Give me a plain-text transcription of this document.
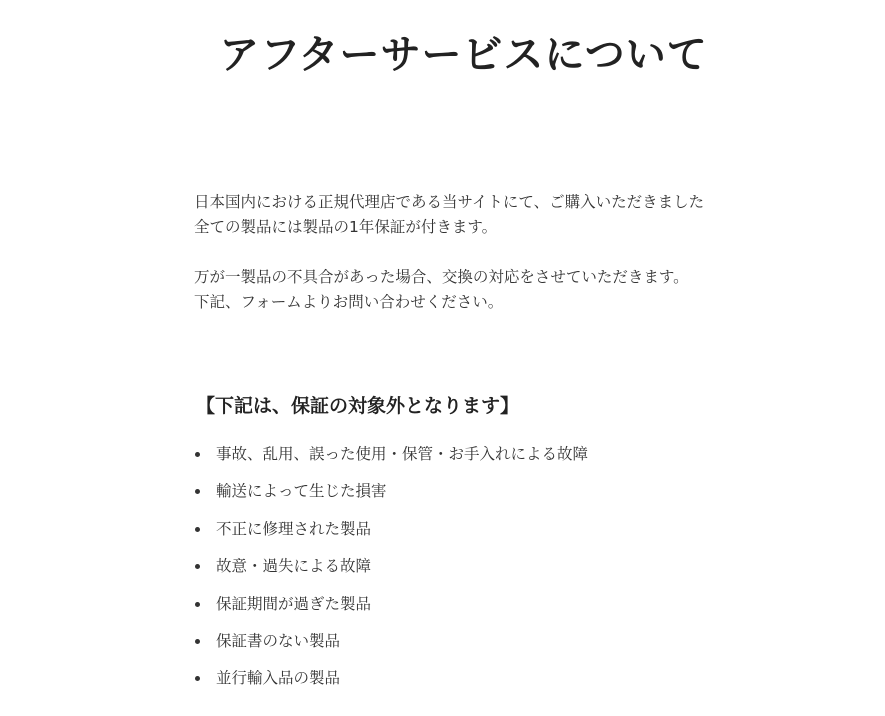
アフターサービスについて

日本国内における正規代理店である当サイトにて、ご購入いただきました
全ての製品には製品の1年保証が付きます。

万が一製品の不具合があった場合、交換の対応をさせていただきます。
下記、フォームよりお問い合わせください。

【下記は、保証の対象外となります】
事故、乱用、誤った使用・保管・お手入れによる故障
輸送によって生じた損害
不正に修理された製品
故意・過失による故障
保証期間が過ぎた製品
保証書のない製品
並行輸入品の製品
